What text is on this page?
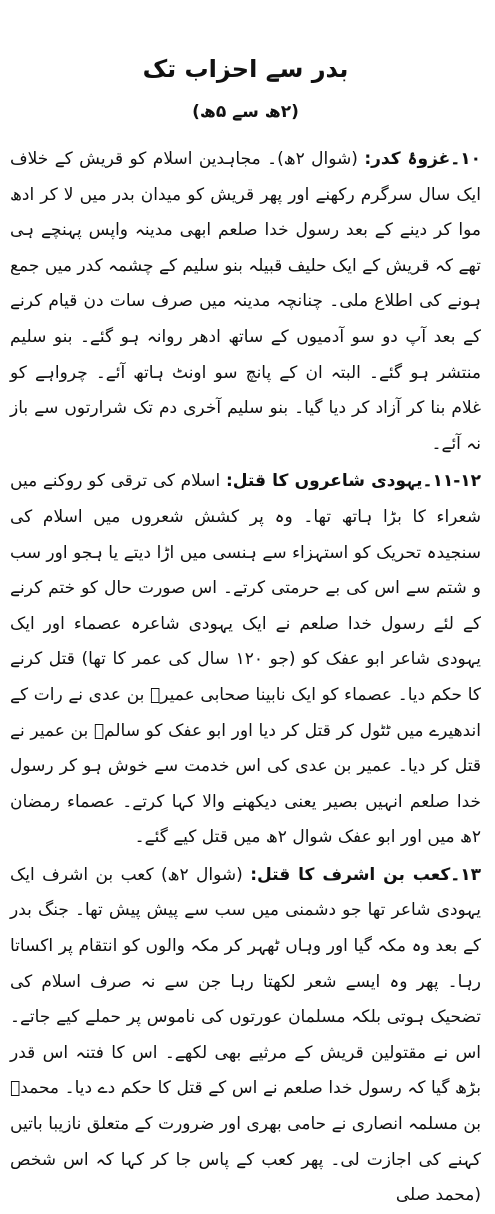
بدر سے احزاب تک
(۲ھ سے ۵ھ)

۱۰۔غزوۂ کدر: (شوال ۲ھ)۔ مجاہدین اسلام کو قریش کے خلاف ایک سال سرگرم رکھنے اور پھر قریش کو میدان بدر میں لا کر ادھ موا کر دینے کے بعد رسول خدا صلعم ابھی مدینہ واپس پہنچے ہی تھے کہ قریش کے ایک حلیف قبیلہ بنو سلیم کے چشمہ کدر میں جمع ہونے کی اطلاع ملی۔ چنانچہ مدینہ میں صرف سات دن قیام کرنے کے بعد آپ دو سو آدمیوں کے ساتھ ادھر روانہ ہو گئے۔ بنو سلیم منتشر ہو گئے۔ البتہ ان کے پانچ سو اونٹ ہاتھ آئے۔ چرواہے کو غلام بنا کر آزاد کر دیا گیا۔ بنو سلیم آخری دم تک شرارتوں سے باز نہ آئے۔

۱۱-۱۲۔یہودی شاعروں کا قتل: اسلام کی ترقی کو روکنے میں شعراء کا بڑا ہاتھ تھا۔ وہ پر کشش شعروں میں اسلام کی سنجیدہ تحریک کو استہزاء سے ہنسی میں اڑا دیتے یا ہجو اور سب و شتم سے اس کی بے حرمتی کرتے۔ اس صورت حال کو ختم کرنے کے لئے رسول خدا صلعم نے ایک یہودی شاعرہ عصماء اور ایک یہودی شاعر ابو عفک کو (جو ۱۲۰ سال کی عمر کا تھا) قتل کرنے کا حکم دیا۔ عصماء کو ایک نابینا صحابی عمیرؓ بن عدی نے رات کے اندھیرے میں ٹٹول کر قتل کر دیا اور ابو عفک کو سالمؓ بن عمیر نے قتل کر دیا۔ عمیر بن عدی کی اس خدمت سے خوش ہو کر رسول خدا صلعم انہیں بصیر یعنی دیکھنے والا کہا کرتے۔ عصماء رمضان ۲ھ میں اور ابو عفک شوال ۲ھ میں قتل کیے گئے۔

۱۳۔کعب بن اشرف کا قتل: (شوال ۲ھ) کعب بن اشرف ایک یہودی شاعر تھا جو دشمنی میں سب سے پیش پیش تھا۔ جنگ بدر کے بعد وہ مکہ گیا اور وہاں ٹھہر کر مکہ والوں کو انتقام پر اکساتا رہا۔ پھر وہ ایسے شعر لکھتا رہا جن سے نہ صرف اسلام کی تضحیک ہوتی بلکہ مسلمان عورتوں کی ناموس پر حملے کیے جاتے۔ اس نے مقتولین قریش کے مرثیے بھی لکھے۔ اس کا فتنہ اس قدر بڑھ گیا کہ رسول خدا صلعم نے اس کے قتل کا حکم دے دیا۔ محمدؓ بن مسلمہ انصاری نے حامی بھری اور ضرورت کے متعلق نازیبا باتیں کہنے کی اجازت لی۔ پھر کعب کے پاس جا کر کہا کہ اس شخص (محمد صلی
